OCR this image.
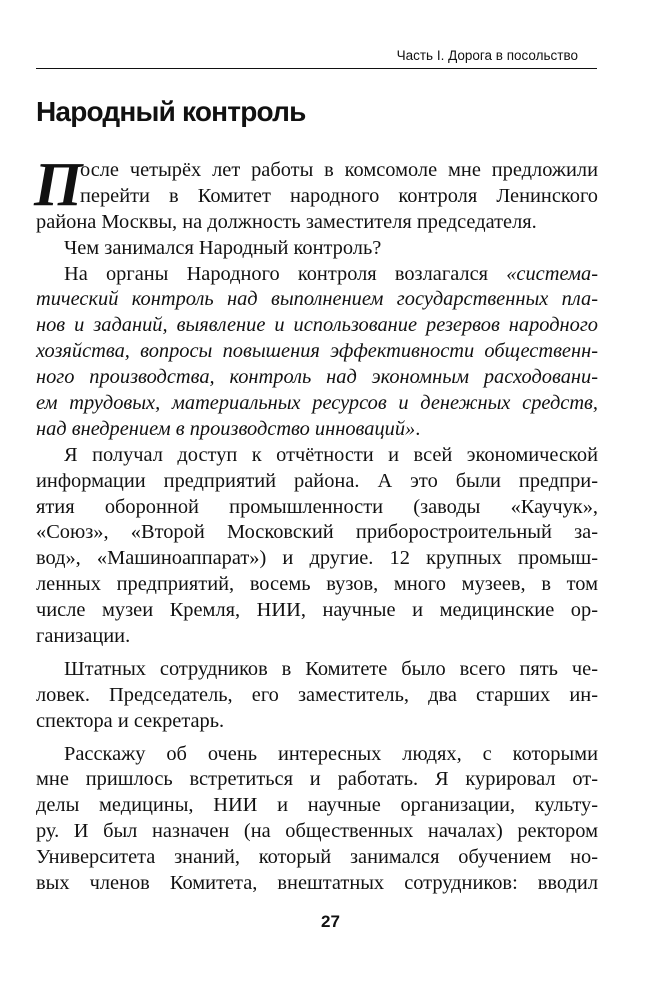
Часть I. Дорога в посольство
Народный контроль
П
осле четырёх лет работы в комсомоле мне предложили
перейти в Комитет народного контроля Ленинского
района Москвы, на должность заместителя председателя.
Чем занимался Народный контроль?
На органы Народного контроля возлагался «системa-
тический контроль над выполнением государственных пла-
нов и заданий, выявление и использование резервов народного
хозяйства, вопросы повышения эффективности общественн-
ного производства, контроль над экономным расходовани-
ем трудовых, материальных ресурсов и денежных средств,
над внедрением в производство инноваций».
Я получал доступ к отчётности и всей экономической
информации предприятий района. А это были предпри-
ятия оборонной промышленности (заводы «Каучук»,
«Союз», «Второй Московский приборостроительный за-
вод», «Машиноаппарат») и другие. 12 крупных промыш-
ленных предприятий, восемь вузов, много музеев, в том
числе музеи Кремля, НИИ, научные и медицинские ор-
ганизации.
Штатных сотрудников в Комитете было всего пять че-
ловек. Председатель, его заместитель, два старших ин-
спектора и секретарь.
Расскажу об очень интересных людях, с которыми
мне пришлось встретиться и работать. Я курировал от-
делы медицины, НИИ и научные организации, культу-
ру. И был назначен (на общественных началах) ректором
Университета знаний, который занимался обучением но-
вых членов Комитета, внештатных сотрудников: вводил
27
